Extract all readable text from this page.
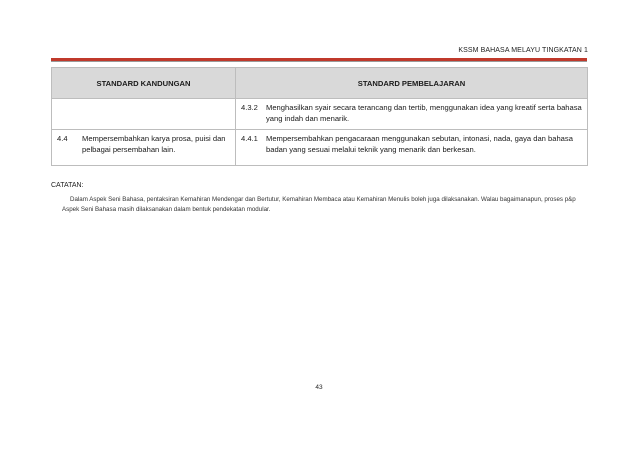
KSSM BAHASA MELAYU TINGKATAN 1
STANDARD KANDUNGAN	STANDARD PEMBELAJARAN

	4.3.2 Menghasilkan syair secara terancang dan tertib, menggunakan idea yang kreatif serta bahasa yang indah dan menarik.

4.4 Mempersembahkan karya prosa, puisi dan pelbagai persembahan lain.	4.4.1 Mempersembahkan pengacaraan menggunakan sebutan, intonasi, nada, gaya dan bahasa badan yang sesuai melalui teknik yang menarik dan berkesan.
CATATAN:
Dalam Aspek Seni Bahasa, pentaksiran Kemahiran Mendengar dan Bertutur, Kemahiran Membaca atau Kemahiran Menulis boleh juga dilaksanakan. Walau bagaimanapun, proses p&p Aspek Seni Bahasa masih dilaksanakan dalam bentuk pendekatan modular.
43
